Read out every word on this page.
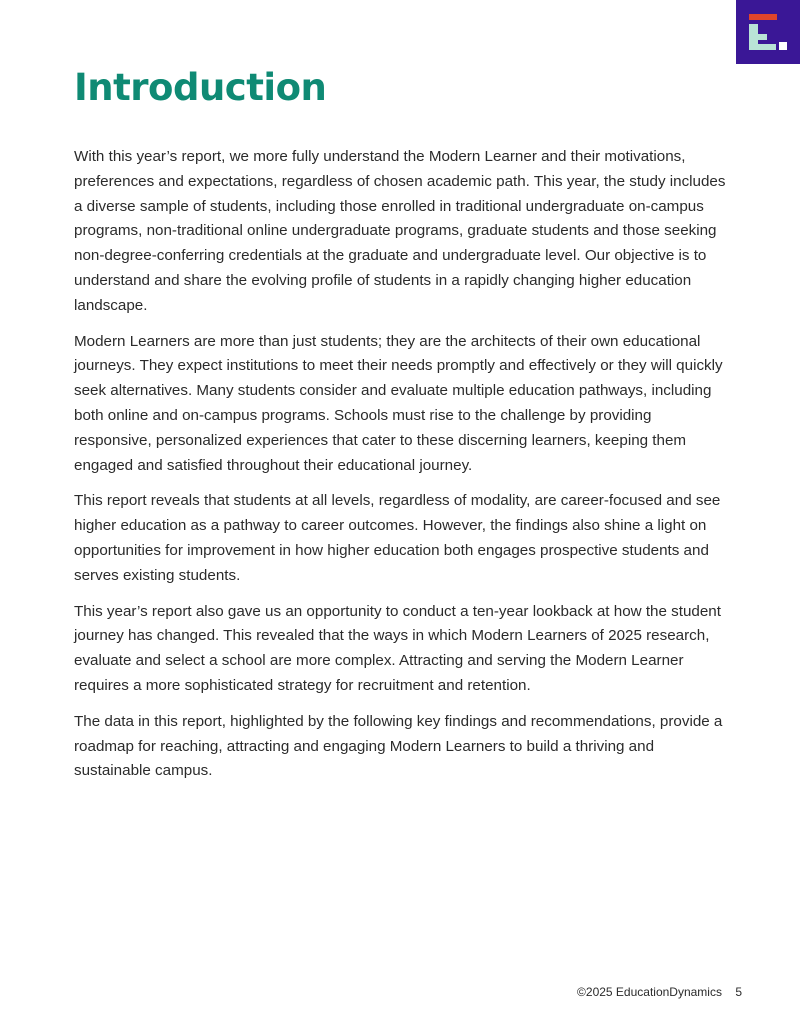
Introduction

With this year’s report, we more fully understand the Modern Learner and their motivations, preferences and expectations, regardless of chosen academic path. This year, the study includes a diverse sample of students, including those enrolled in traditional undergraduate on-campus programs, non-traditional online undergraduate programs, graduate students and those seeking non-degree-conferring credentials at the graduate and undergraduate level. Our objective is to understand and share the evolving profile of students in a rapidly changing higher education landscape.

Modern Learners are more than just students; they are the architects of their own educational journeys. They expect institutions to meet their needs promptly and effectively or they will quickly seek alternatives. Many students consider and evaluate multiple education pathways, including both online and on-campus programs. Schools must rise to the challenge by providing responsive, personalized experiences that cater to these discerning learners, keeping them engaged and satisfied throughout their educational journey.

This report reveals that students at all levels, regardless of modality, are career-focused and see higher education as a pathway to career outcomes. However, the findings also shine a light on opportunities for improvement in how higher education both engages prospective students and serves existing students.

This year’s report also gave us an opportunity to conduct a ten-year lookback at how the student journey has changed. This revealed that the ways in which Modern Learners of 2025 research, evaluate and select a school are more complex. Attracting and serving the Modern Learner requires a more sophisticated strategy for recruitment and retention.

The data in this report, highlighted by the following key findings and recommendations, provide a roadmap for reaching, attracting and engaging Modern Learners to build a thriving and sustainable campus.

©2025 EducationDynamics 5
